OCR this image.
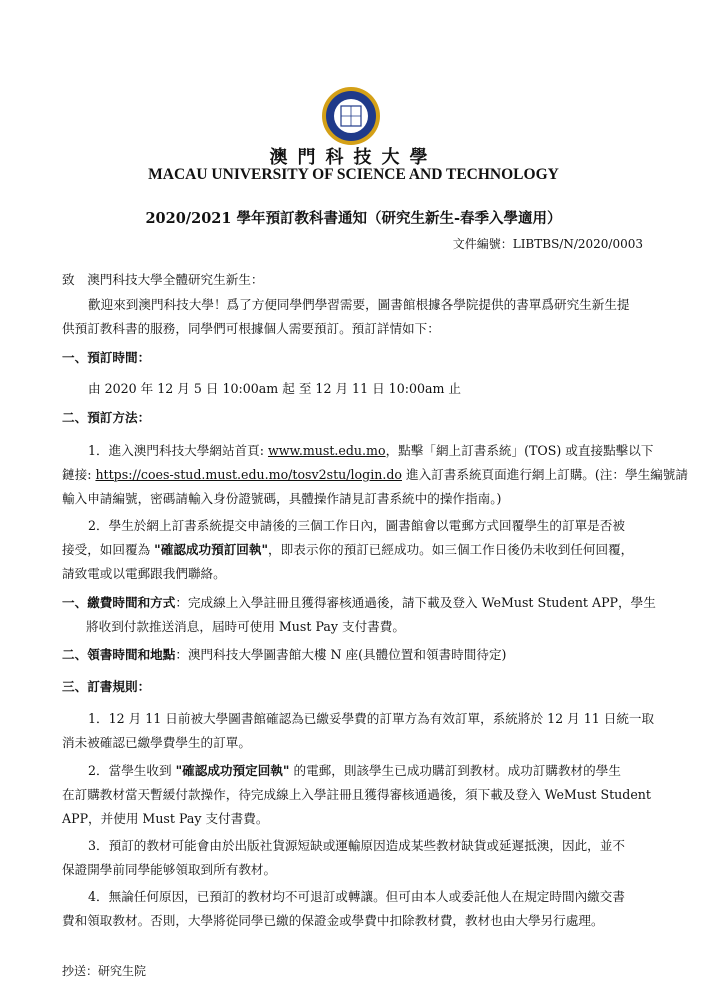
澳門科技大學
MACAU UNIVERSITY OF SCIENCE AND TECHNOLOGY
2020/2021 學年預訂教科書通知（研究生新生-春季入學適用）
文件編號：LIBTBS/N/2020/0003
致　澳門科技大學全體研究生新生：
歡迎來到澳門科技大學！爲了方便同學們學習需要，圖書館根據各學院提供的書單爲研究生新生提
供預訂教科書的服務，同學們可根據個人需要預訂。預訂詳情如下：
一、預訂時間：
由 2020 年 12 月 5 日 10:00am 起 至 12 月 11 日 10:00am 止
二、預訂方法：
1．進入澳門科技大學網站首頁: www.must.edu.mo，點擊「網上訂書系統」(TOS) 或直接點擊以下
鏈接: https://coes-stud.must.edu.mo/tosv2stu/login.do 進入訂書系統頁面進行網上訂購。(注：學生編號請
輸入申請編號，密碼請輸入身份證號碼，具體操作請見訂書系統中的操作指南。)
2．學生於網上訂書系統提交申請後的三個工作日內，圖書館會以電郵方式回覆學生的訂單是否被
接受，如回覆為 "確認成功預訂回執"，即表示你的預訂已經成功。如三個工作日後仍未收到任何回覆，
請致電或以電郵跟我們聯絡。
一、繳費時間和方式：完成線上入學註冊且獲得審核通過後，請下載及登入 WeMust Student APP，學生
將收到付款推送消息，屆時可使用 Must Pay 支付書費。
二、領書時間和地點：澳門科技大學圖書館大樓 N 座(具體位置和領書時間待定)
三、訂書規則：
1．12 月 11 日前被大學圖書館確認為已繳妥學費的訂單方為有效訂單，系統將於 12 月 11 日統一取
消未被確認已繳學費學生的訂單。
2．當學生收到 "確認成功預定回執" 的電郵，則該學生已成功購訂到教材。成功訂購教材的學生
在訂購教材當天暫緩付款操作，待完成線上入學註冊且獲得審核通過後，須下載及登入 WeMust Student
APP，并使用 Must Pay 支付書費。
3．預訂的教材可能會由於出版社貨源短缺或運輸原因造成某些教材缺貨或延遲抵澳，因此，並不
保證開學前同學能够領取到所有教材。
4．無論任何原因，已預訂的教材均不可退訂或轉讓。但可由本人或委託他人在規定時間內繳交書
費和領取教材。否則，大學將從同學已繳的保證金或學費中扣除教材費，教材也由大學另行處理。
抄送：研究生院
